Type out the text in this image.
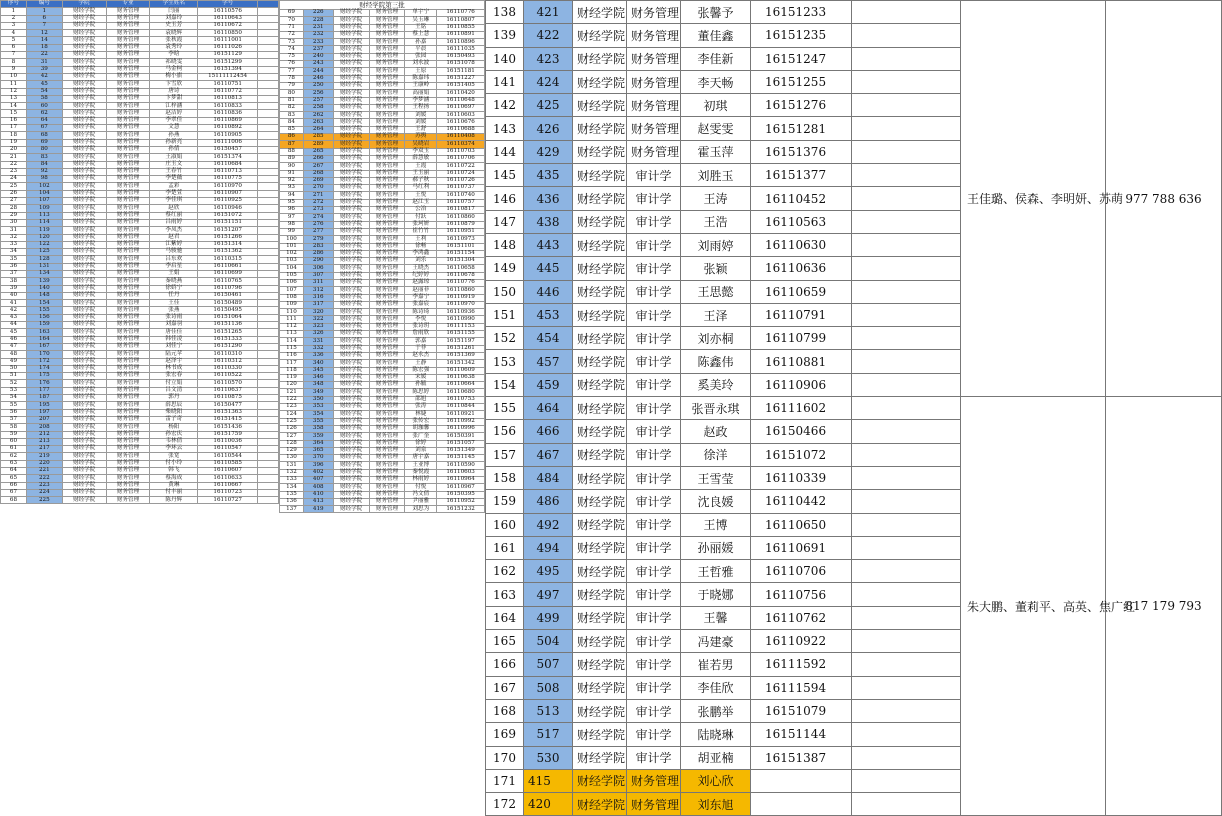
序号	编号	学院	专业	学生姓名	学号	
1	1	财经学院	财务管理	闫丽	16110576	
2	6	财经学院	财务管理	刘嘉玲	16110643	
3	7	财经学院	财务管理	史玉芳	16110672	
4	12	财经学院	财务管理	袁晓辉	16110850	
5	14	财经学院	财务管理	张秋霞	16111001	
6	18	财经学院	财务管理	袁秀玲	16111026	
7	22	财经学院	财务管理	李晗	16151129	
8	31	财经学院	财务管理	祁晓雯	16151299	
9	39	财经学院	财务管理	马金柯	16151394	
10	42	财经学院	财务管理	梅小旗	15111112454	
11	45	财经学院	财务管理	卞雪欣	16110751	
12	54	财经学院	财务管理	唐诗	16110772	
13	58	财经学院	财务管理	卞梦甜	16110813	
14	60	财经学院	财务管理	江梓涵	16110833	
15	62	财经学院	财务管理	赵洁婷	16110836	
16	64	财经学院	财务管理	李翠佳	16110869	
17	67	财经学院	财务管理	文慧	16110892	
18	68	财经学院	财务管理	孙燕	16110905	
19	69	财经学院	财务管理	孙新亮	16111006	
20	80	财经学院	财务管理	孙倩	16150457	
21	83	财经学院	财务管理	王淑娟	16151374	
22	84	财经学院	财务管理	庄玉文	16110684	
23	92	财经学院	财务管理	王春竹	16110713	
24	98	财经学院	财务管理	李楚薇	16110775	
25	102	财经学院	财务管理	孟彩	16110970	
26	104	财经学院	财务管理	李楚萱	16110907	
27	107	财经学院	财务管理	李佳琪	16110925	
28	109	财经学院	财务管理	赵欣	16110946	
29	113	财经学院	财务管理	蔡红丽	16151072	
30	114	财经学院	财务管理	吕雨婷	16151151	
31	119	财经学院	财务管理	李凤杰	16151207	
32	120	财经学院	财务管理	赵君	16151266	
33	122	财经学院	财务管理	江紫婷	16151314	
34	125	财经学院	财务管理	马骏驰	16151362	
35	128	财经学院	财务管理	吕东欢	16110315	
36	131	财经学院	财务管理	李启星	16110661	
37	134	财经学院	财务管理	王娟	16110699	
38	139	财经学院	财务管理	秦晓燕	16110765	
39	140	财经学院	财务管理	徐娇宁	16110796	
40	148	财经学院	财务管理	任丹	16150461	
41	154	财经学院	财务管理	王佳	16150489	
42	155	财经学院	财务管理	张燕	16150495	
43	156	财经学院	财务管理	张诗雨	16151064	
44	159	财经学院	财务管理	刘嘉羽	16151136	
45	163	财经学院	财务管理	唐佳佳	16151265	
46	164	财经学院	财务管理	韩佳凌	16151333	
47	167	财经学院	财务管理	刘佳宁	16151290	
48	170	财经学院	财务管理	陆元苹	16110310	
49	172	财经学院	财务管理	赵泽宇	16110312	
50	174	财经学院	财务管理	林书成	16110330	
51	175	财经学院	财务管理	张宏春	16110522	
52	176	财经学院	财务管理	付立娟	16110570	
53	177	财经学院	财务管理	吕文清	16110637	
54	187	财经学院	财务管理	郭丹	16110875	
55	195	财经学院	财务管理	薛思辰	16150477	
56	197	财经学院	财务管理	柴晓阳	16151363	
57	207	财经学院	财务管理	雷子奇	16151415	
58	208	财经学院	财务管理	杨阳	16151436	
59	212	财经学院	财务管理	孙宏庆	16151759	
60	213	财经学院	财务管理	韦林倩	16110036	
61	217	财经学院	财务管理	李环云	16110547	
62	219	财经学院	财务管理	张宽	16110544	
63	220	财经学院	财务管理	付小玲	16110585	
64	221	财经学院	财务管理	韩飞	16110607	
65	222	财经学院	财务管理	蔡海成	16110633	
66	223	财经学院	财务管理	黄琳	16110667	
67	224	财经学院	财务管理	付丰丽	16110723	
68	225	财经学院	财务管理	陈丹辉	16110727	
财经学院第三批					
69	226	财经学院	财务管理	单宇宁	16110776
70	228	财经学院	财务管理	吴玉琳	16110807
71	231	财经学院	财务管理	王铭	16110855
72	232	财经学院	财务管理	蔡上慧	16110891
73	233	财经学院	财务管理	孙嘉	16110896
74	237	财经学院	财务管理	平晨	16111035
75	240	财经学院	财务管理	张园	16150493
76	243	财经学院	财务管理	刘永波	16151078
77	244	财经学院	财务管理	王原	16151181
78	246	财经学院	财务管理	陈嘉玮	16151227
79	250	财经学院	财务管理	王康岭	16151405
80	256	财经学院	财务管理	高丽娟	16110420
81	257	财经学院	财务管理	李梦涵	16110648
82	258	财经学院	财务管理	王程扬	16110697
83	262	财经学院	财务管理	刘媛	16110603
84	263	财经学院	财务管理	刘媛	16110676
85	264	财经学院	财务管理	王舒	16110688
86	285	财经学院	财务管理	苏舆	16110408
87	289	财经学院	财务管理	吴晓岩	16110374
88	265	财经学院	财务管理	李双玉	16110703
89	266	财经学院	财务管理	薛慧敏	16110706
90	267	财经学院	财务管理	王霞	16110722
91	268	财经学院	财务管理	王玉丽	16110724
92	269	财经学院	财务管理	郝子秋	16110726
93	270	财经学院	财务管理	马红利	16110737
94	271	财经学院	财务管理	王悦	16110740
95	272	财经学院	财务管理	赵江玉	16110757
96	273	财经学院	财务管理	公冶	16110817
97	274	财经学院	财务管理	付跃	16110860
98	276	财经学院	财务管理	张珂妍	16110879
99	277	财经学院	财务管理	崔竹竹	16110951
100	279	财经学院	财务管理	王利	16110973
101	283	财经学院	财务管理	徐畅	16151101
102	286	财经学院	财务管理	李鸿鑫	16151154
103	290	财经学院	财务管理	刘乐	16151304
104	306	财经学院	财务管理	王晓杰	16110658
105	307	财经学院	财务管理	纪婷婷	16110678
106	311	财经学院	财务管理	赵露琼	16110776
107	312	财经学院	财务管理	赵丽菲	16110860
108	316	财经学院	财务管理	李嘉宁	16110919
109	317	财经学院	财务管理	张嘉宸	16110970
110	320	财经学院	财务管理	陈诗琦	16110936
111	322	财经学院	财务管理	李悦	16110990
112	323	财经学院	财务管理	张诗玥	16111153
113	326	财经学院	财务管理	詹雨欣	16151155
114	331	财经学院	财务管理	郭嘉	16151197
115	332	财经学院	财务管理	于菲	16151261
116	336	财经学院	财务管理	赵永杰	16151369
117	340	财经学院	财务管理	王静	16151342
118	345	财经学院	财务管理	陈宏强	16110609
119	346	财经学院	财务管理	宋媛	16110638
120	348	财经学院	财务管理	孙毓	16110664
121	349	财经学院	财务管理	陈思婷	16110680
122	350	财经学院	财务管理	邵旭	16110753
123	353	财经学院	财务管理	张涛	16110844
124	354	财经学院	财务管理	林婕	16110921
125	355	财经学院	财务管理	张传宏	16110992
126	358	财经学院	财务管理	胡珈馨	16110996
127	359	财经学院	财务管理	张广奎	16150391
128	364	财经学院	财务管理	徐婷	16151057
129	365	财经学院	财务管理	刘泉	16151349
130	370	财经学院	财务管理	唐宇嘉	16151145
131	396	财经学院	财务管理	王亚博	16110590
132	402	财经学院	财务管理	秦悦霞	16110603
133	407	财经学院	财务管理	林雨婷	16110964
134	408	财经学院	财务管理	付悦	16110967
135	410	财经学院	财务管理	冯文倩	16150395
136	413	财经学院	财务管理	尹丽雅	16110952
137	419	财经学院	财务管理	刘思为	16151232
138	421	财经学院	财务管理	张馨予	16151233		王佳璐、侯森、李明妍、苏萌	977 788 636	
139	422	财经学院	财务管理	董佳鑫	16151235		
140	423	财经学院	财务管理	李佳新	16151247		
141	424	财经学院	财务管理	李天畅	16151255		
142	425	财经学院	财务管理	初琪	16151276		
143	426	财经学院	财务管理	赵雯雯	16151281		
144	429	财经学院	财务管理	霍玉萍	16151376		
145	435	财经学院	审计学	刘胜玉	16151377		
146	436	财经学院	审计学	王涛	16110452		
147	438	财经学院	审计学	王浩	16110563		
148	443	财经学院	审计学	刘雨婷	16110630		
149	445	财经学院	审计学	张颖	16110636		
150	446	财经学院	审计学	王思懿	16110659		
151	453	财经学院	审计学	王泽	16110791		
152	454	财经学院	审计学	刘亦桐	16110799		
153	457	财经学院	审计学	陈鑫伟	16110881		
154	459	财经学院	审计学	奚美玲	16110906		
155	464	财经学院	审计学	张晋永琪	16111602		朱大鹏、董莉平、高英、焦广红	817 179 793	
156	466	财经学院	审计学	赵政	16150466		
157	467	财经学院	审计学	徐洋	16151072		
158	484	财经学院	审计学	王雪莹	16110339		
159	486	财经学院	审计学	沈良媛	16110442		
160	492	财经学院	审计学	王博	16110650		
161	494	财经学院	审计学	孙丽媛	16110691		
162	495	财经学院	审计学	王哲雅	16110706		
163	497	财经学院	审计学	于晓娜	16110756		
164	499	财经学院	审计学	王馨	16110762		
165	504	财经学院	审计学	冯建豪	16110922		
166	507	财经学院	审计学	崔若男	16111592		
167	508	财经学院	审计学	李佳欣	16111594		
168	513	财经学院	审计学	张鹏举	16151079		
169	517	财经学院	审计学	陆晓琳	16151144		
170	530	财经学院	审计学	胡亚楠	16151387		
171	415	财经学院	财务管理	刘心欣			
172	420	财经学院	财务管理	刘东旭			
